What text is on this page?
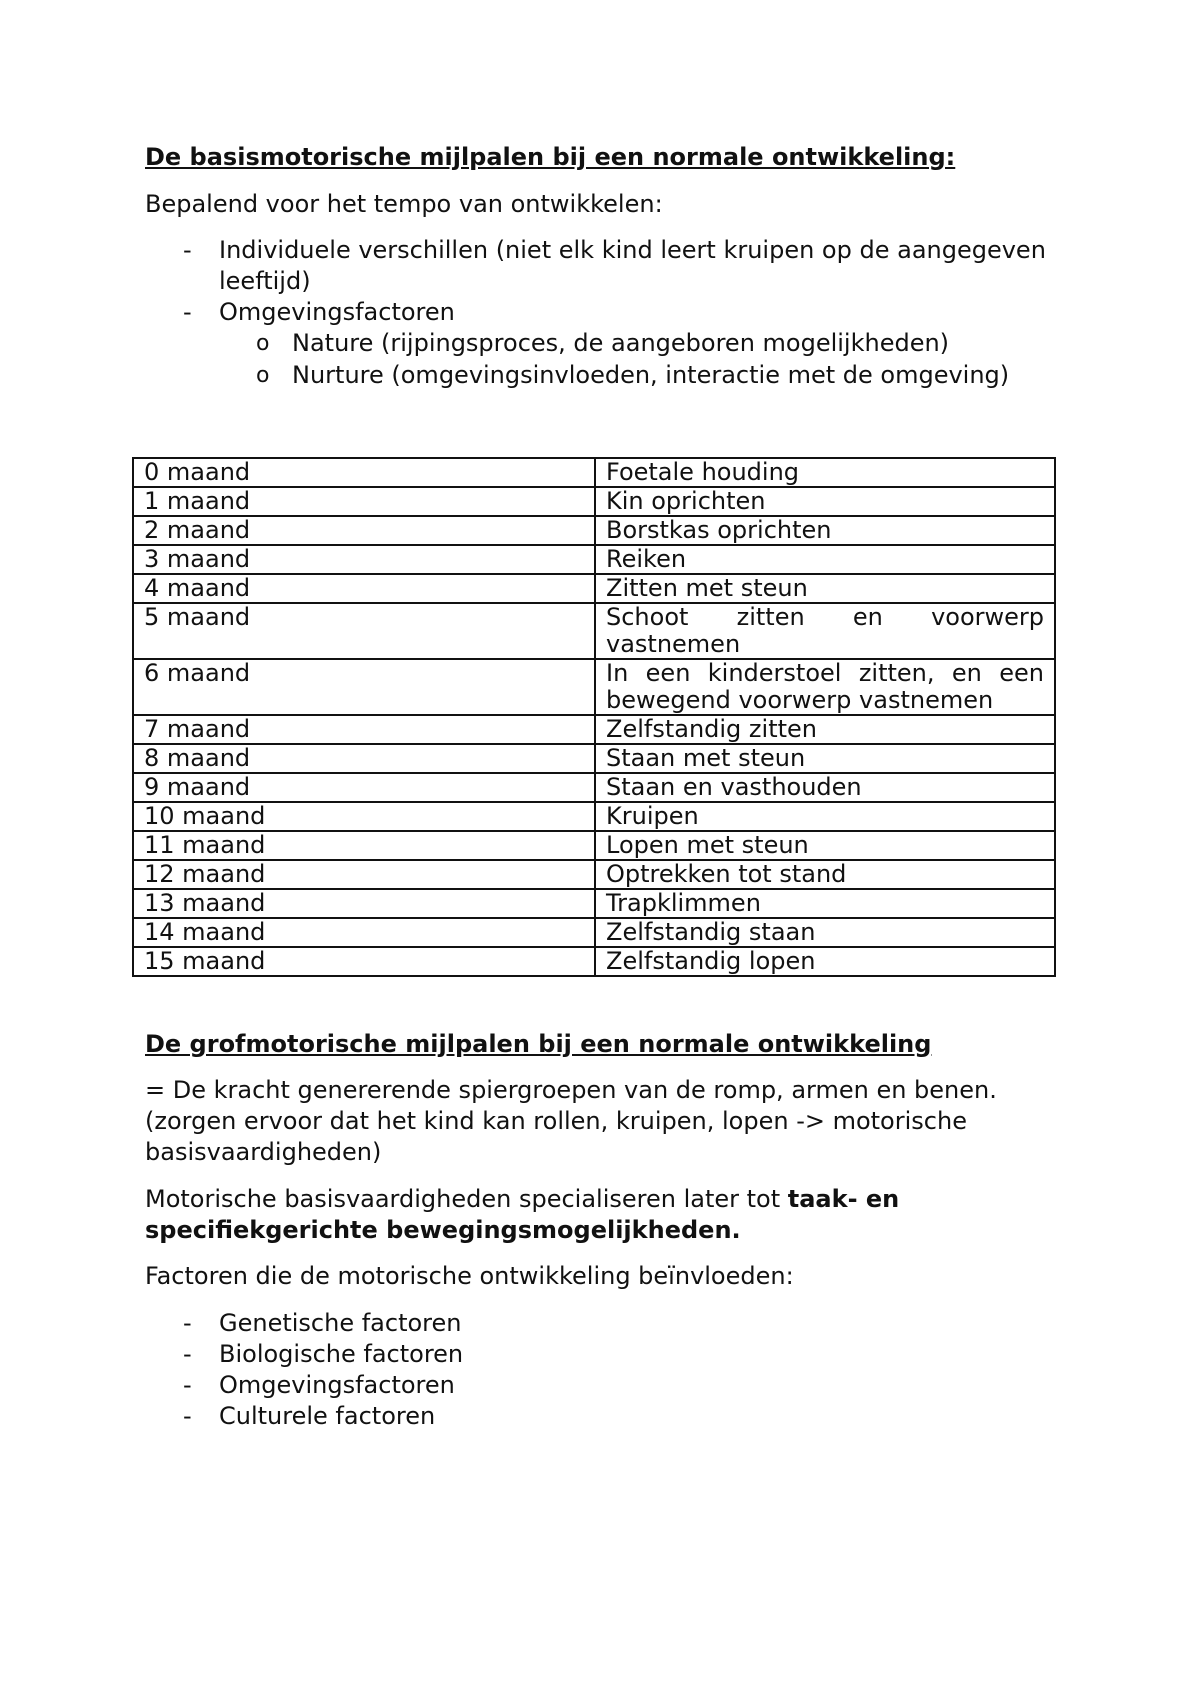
De basismotorische mijlpalen bij een normale ontwikkeling:
Bepalend voor het tempo van ontwikkelen:
- Individuele verschillen (niet elk kind leert kruipen op de aangegeven leeftijd)
- Omgevingsfactoren
o Nature (rijpingsproces, de aangeboren mogelijkheden)
o Nurture (omgevingsinvloeden, interactie met de omgeving)
0 maand	Foetale houding
1 maand	Kin oprichten
2 maand	Borstkas oprichten
3 maand	Reiken
4 maand	Zitten met steun
5 maand	Schoot zitten en voorwerp vastnemen
6 maand	In een kinderstoel zitten, en een bewegend voorwerp vastnemen
7 maand	Zelfstandig zitten
8 maand	Staan met steun
9 maand	Staan en vasthouden
10 maand	Kruipen
11 maand	Lopen met steun
12 maand	Optrekken tot stand
13 maand	Trapklimmen
14 maand	Zelfstandig staan
15 maand	Zelfstandig lopen
De grofmotorische mijlpalen bij een normale ontwikkeling
= De kracht genererende spiergroepen van de romp, armen en benen.
(zorgen ervoor dat het kind kan rollen, kruipen, lopen -> motorische
basisvaardigheden)
Motorische basisvaardigheden specialiseren later tot taak- en
specifiekgerichte bewegingsmogelijkheden.
Factoren die de motorische ontwikkeling beïnvloeden:
- Genetische factoren
- Biologische factoren
- Omgevingsfactoren
- Culturele factoren
